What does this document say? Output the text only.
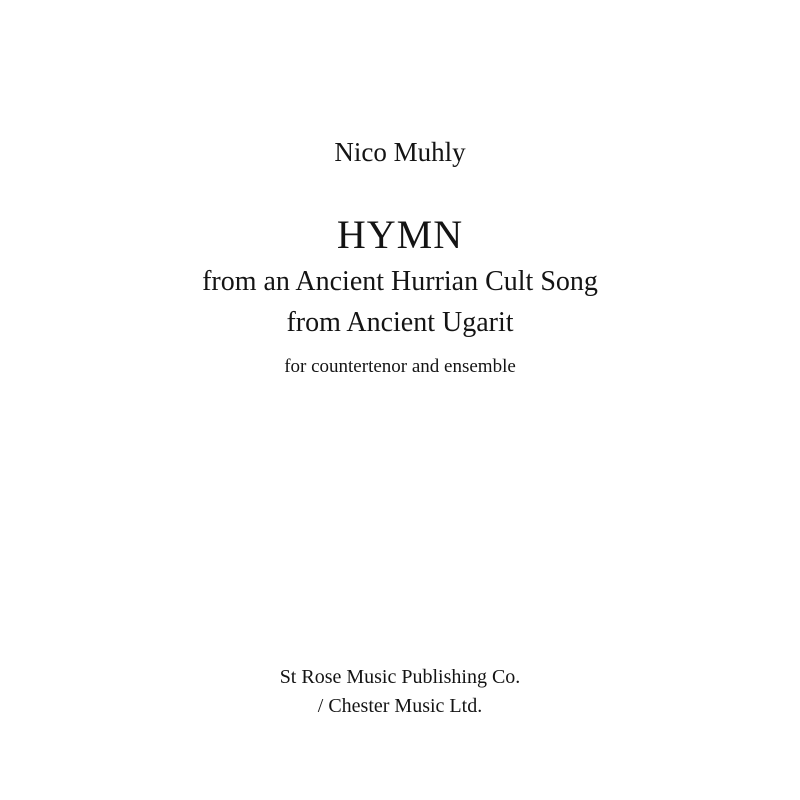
Nico Muhly
HYMN
from an Ancient Hurrian Cult Song
from Ancient Ugarit
for countertenor and ensemble
St Rose Music Publishing Co.
/ Chester Music Ltd.
